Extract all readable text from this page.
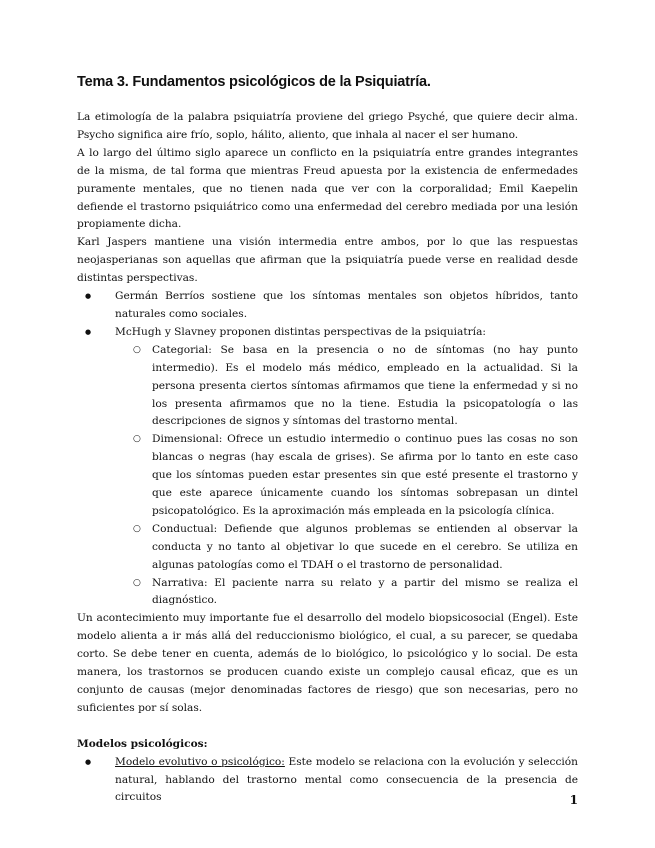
Tema 3. Fundamentos psicológicos de la Psiquiatría.

La etimología de la palabra psiquiatría proviene del griego Psyché, que quiere decir alma. Psycho significa aire frío, soplo, hálito, aliento, que inhala al nacer el ser humano.

A lo largo del último siglo aparece un conflicto en la psiquiatría entre grandes integrantes de la misma, de tal forma que mientras Freud apuesta por la existencia de enfermedades puramente mentales, que no tienen nada que ver con la corporalidad; Emil Kaepelin defiende el trastorno psiquiátrico como una enfermedad del cerebro mediada por una lesión propiamente dicha.

Karl Jaspers mantiene una visión intermedia entre ambos, por lo que las respuestas neojasperianas son aquellas que afirman que la psiquiatría puede verse en realidad desde distintas perspectivas.

● Germán Berríos sostiene que los síntomas mentales son objetos híbridos, tanto naturales como sociales.
● McHugh y Slavney proponen distintas perspectivas de la psiquiatría:
○ Categorial: Se basa en la presencia o no de síntomas (no hay punto intermedio). Es el modelo más médico, empleado en la actualidad. Si la persona presenta ciertos síntomas afirmamos que tiene la enfermedad y si no los presenta afirmamos que no la tiene. Estudia la psicopatología o las descripciones de signos y síntomas del trastorno mental.
○ Dimensional: Ofrece un estudio intermedio o continuo pues las cosas no son blancas o negras (hay escala de grises). Se afirma por lo tanto en este caso que los síntomas pueden estar presentes sin que esté presente el trastorno y que este aparece únicamente cuando los síntomas sobrepasan un dintel psicopatológico. Es la aproximación más empleada en la psicología clínica.
○ Conductual: Defiende que algunos problemas se entienden al observar la conducta y no tanto al objetivar lo que sucede en el cerebro. Se utiliza en algunas patologías como el TDAH o el trastorno de personalidad.
○ Narrativa: El paciente narra su relato y a partir del mismo se realiza el diagnóstico.

Un acontecimiento muy importante fue el desarrollo del modelo biopsicosocial (Engel). Este modelo alienta a ir más allá del reduccionismo biológico, el cual, a su parecer, se quedaba corto. Se debe tener en cuenta, además de lo biológico, lo psicológico y lo social. De esta manera, los trastornos se producen cuando existe un complejo causal eficaz, que es un conjunto de causas (mejor denominadas factores de riesgo) que son necesarias, pero no suficientes por sí solas.

Modelos psicológicos:

● Modelo evolutivo o psicológico: Este modelo se relaciona con la evolución y selección natural, hablando del trastorno mental como consecuencia de la presencia de circuitos	1
